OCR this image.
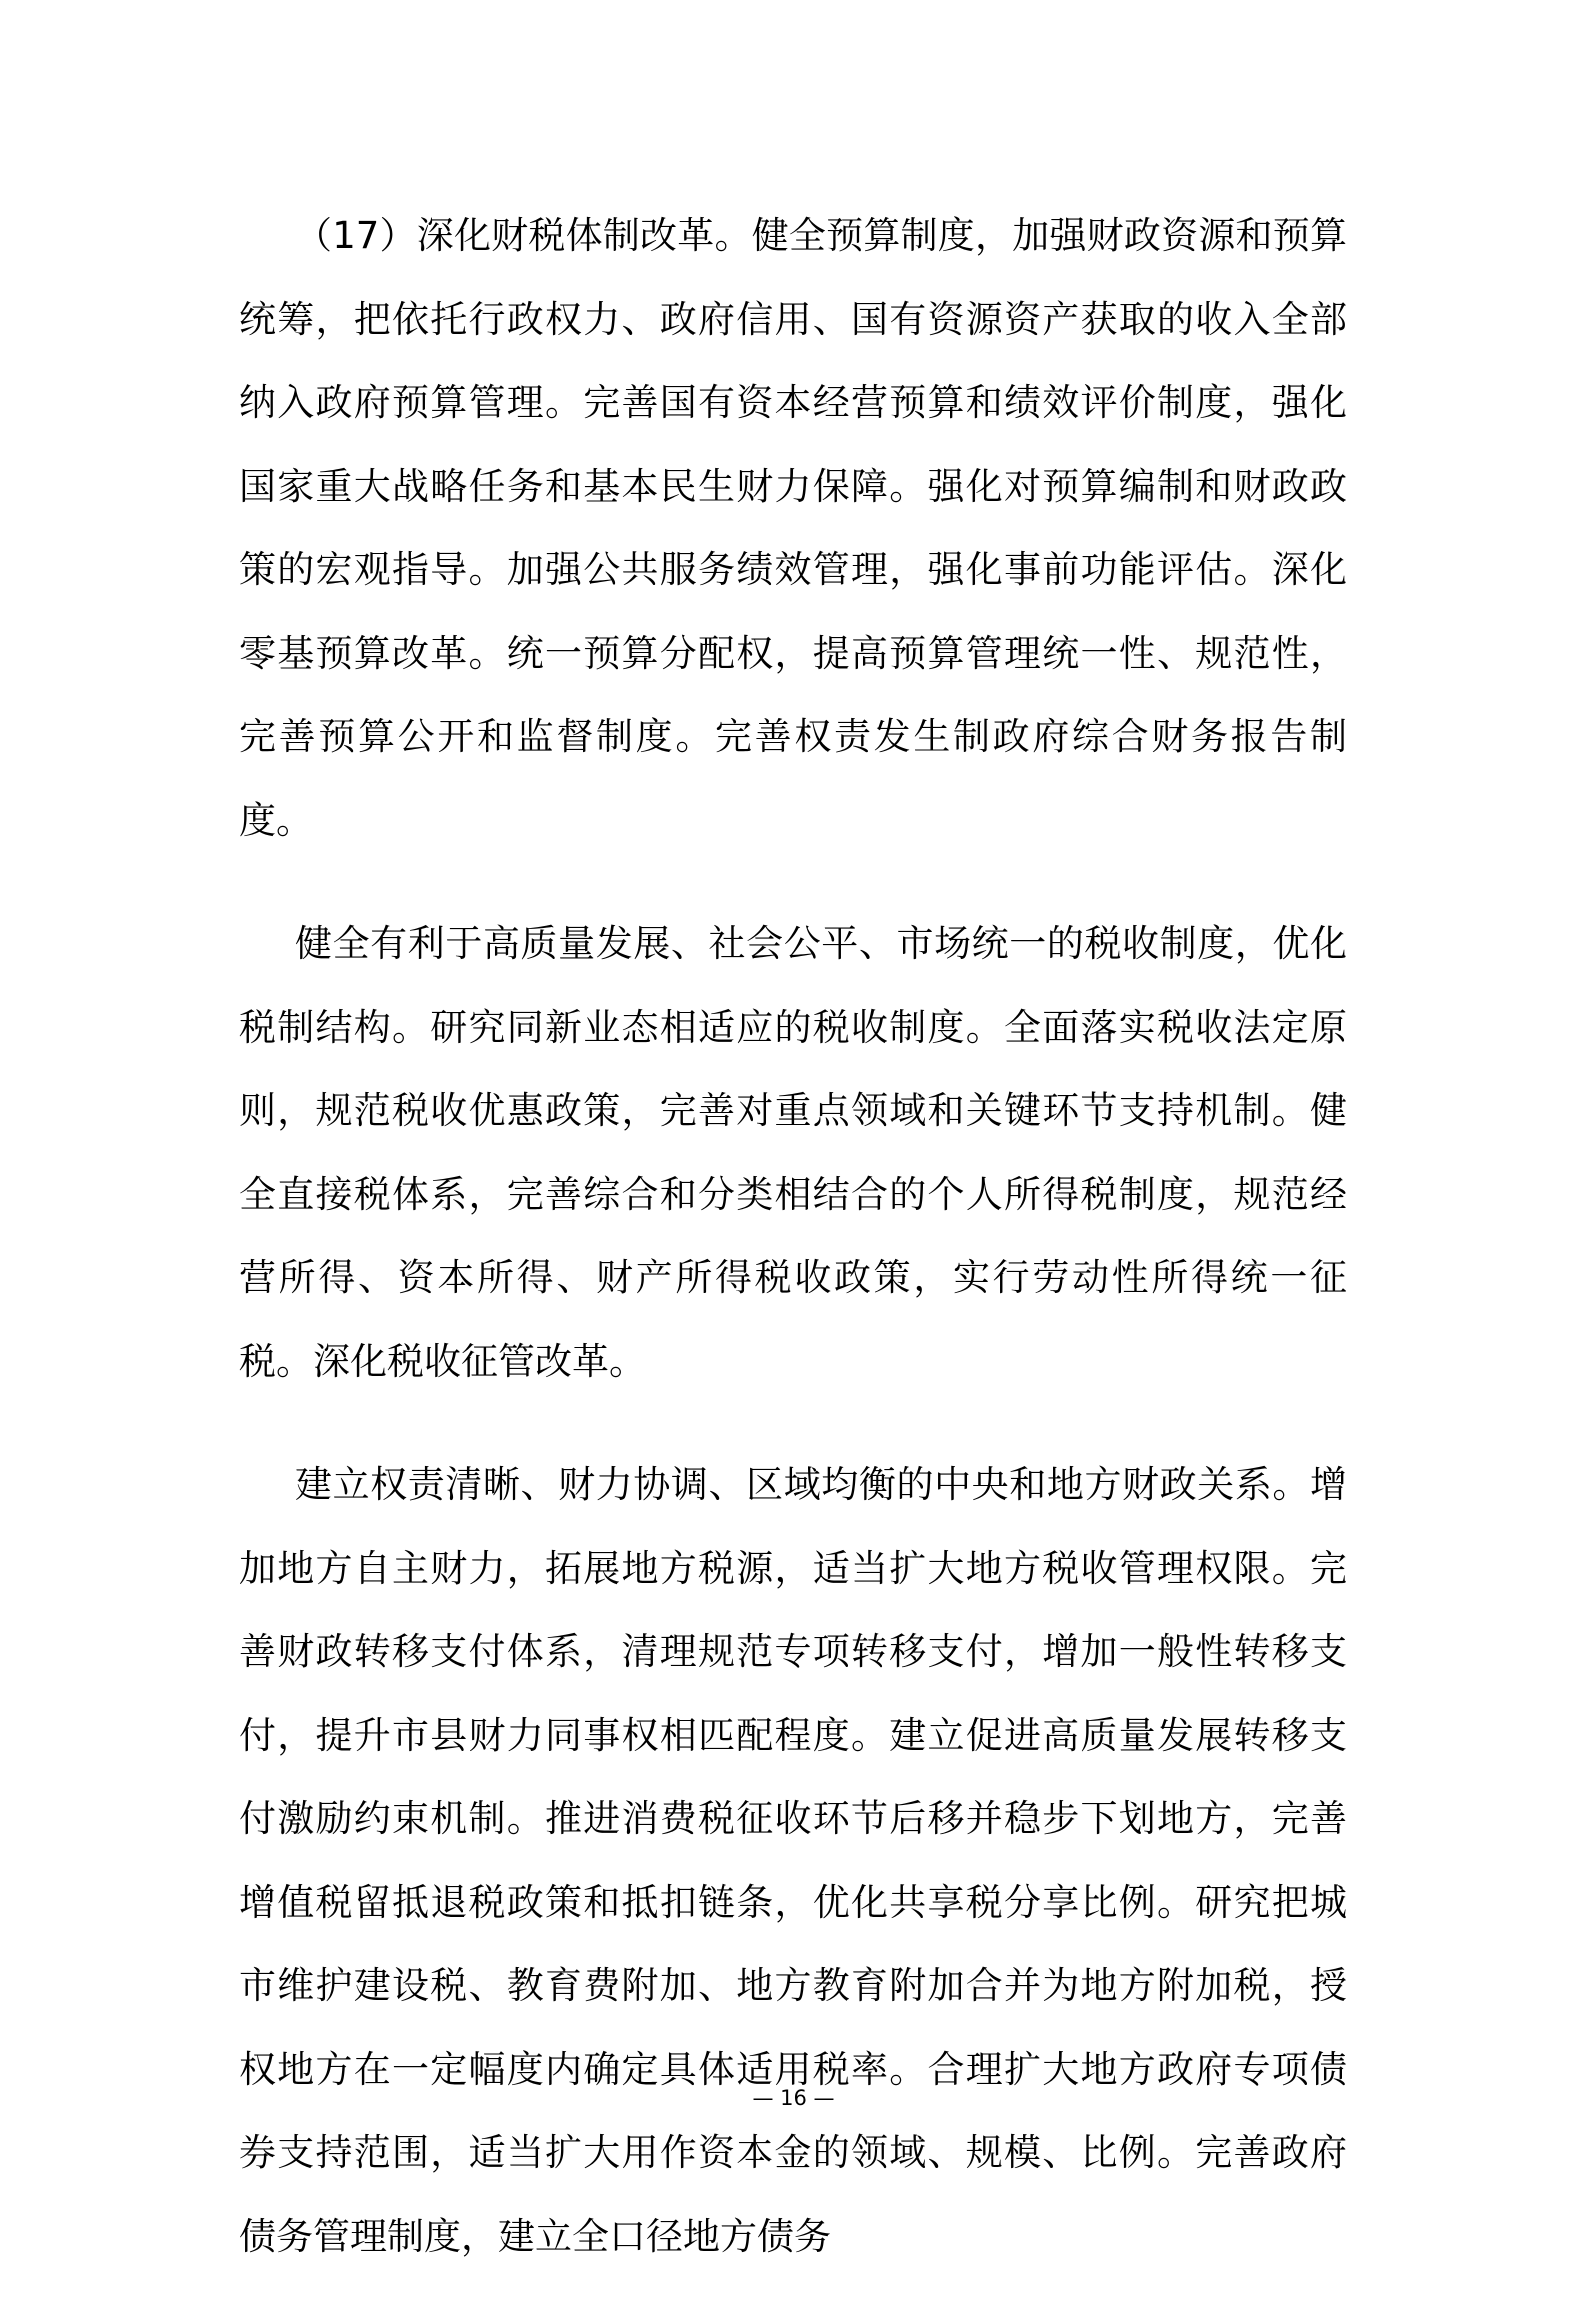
（17）深化财税体制改革。健全预算制度，加强财政资源和预算统筹，把依托行政权力、政府信用、国有资源资产获取的收入全部纳入政府预算管理。完善国有资本经营预算和绩效评价制度，强化国家重大战略任务和基本民生财力保障。强化对预算编制和财政政策的宏观指导。加强公共服务绩效管理，强化事前功能评估。深化零基预算改革。统一预算分配权，提高预算管理统一性、规范性，完善预算公开和监督制度。完善权责发生制政府综合财务报告制度。

健全有利于高质量发展、社会公平、市场统一的税收制度，优化税制结构。研究同新业态相适应的税收制度。全面落实税收法定原则，规范税收优惠政策，完善对重点领域和关键环节支持机制。健全直接税体系，完善综合和分类相结合的个人所得税制度，规范经营所得、资本所得、财产所得税收政策，实行劳动性所得统一征税。深化税收征管改革。

建立权责清晰、财力协调、区域均衡的中央和地方财政关系。增加地方自主财力，拓展地方税源，适当扩大地方税收管理权限。完善财政转移支付体系，清理规范专项转移支付，增加一般性转移支付，提升市县财力同事权相匹配程度。建立促进高质量发展转移支付激励约束机制。推进消费税征收环节后移并稳步下划地方，完善增值税留抵退税政策和抵扣链条，优化共享税分享比例。研究把城市维护建设税、教育费附加、地方教育附加合并为地方附加税，授权地方在一定幅度内确定具体适用税率。合理扩大地方政府专项债券支持范围，适当扩大用作资本金的领域、规模、比例。完善政府债务管理制度，建立全口径地方债务

— 16 —
